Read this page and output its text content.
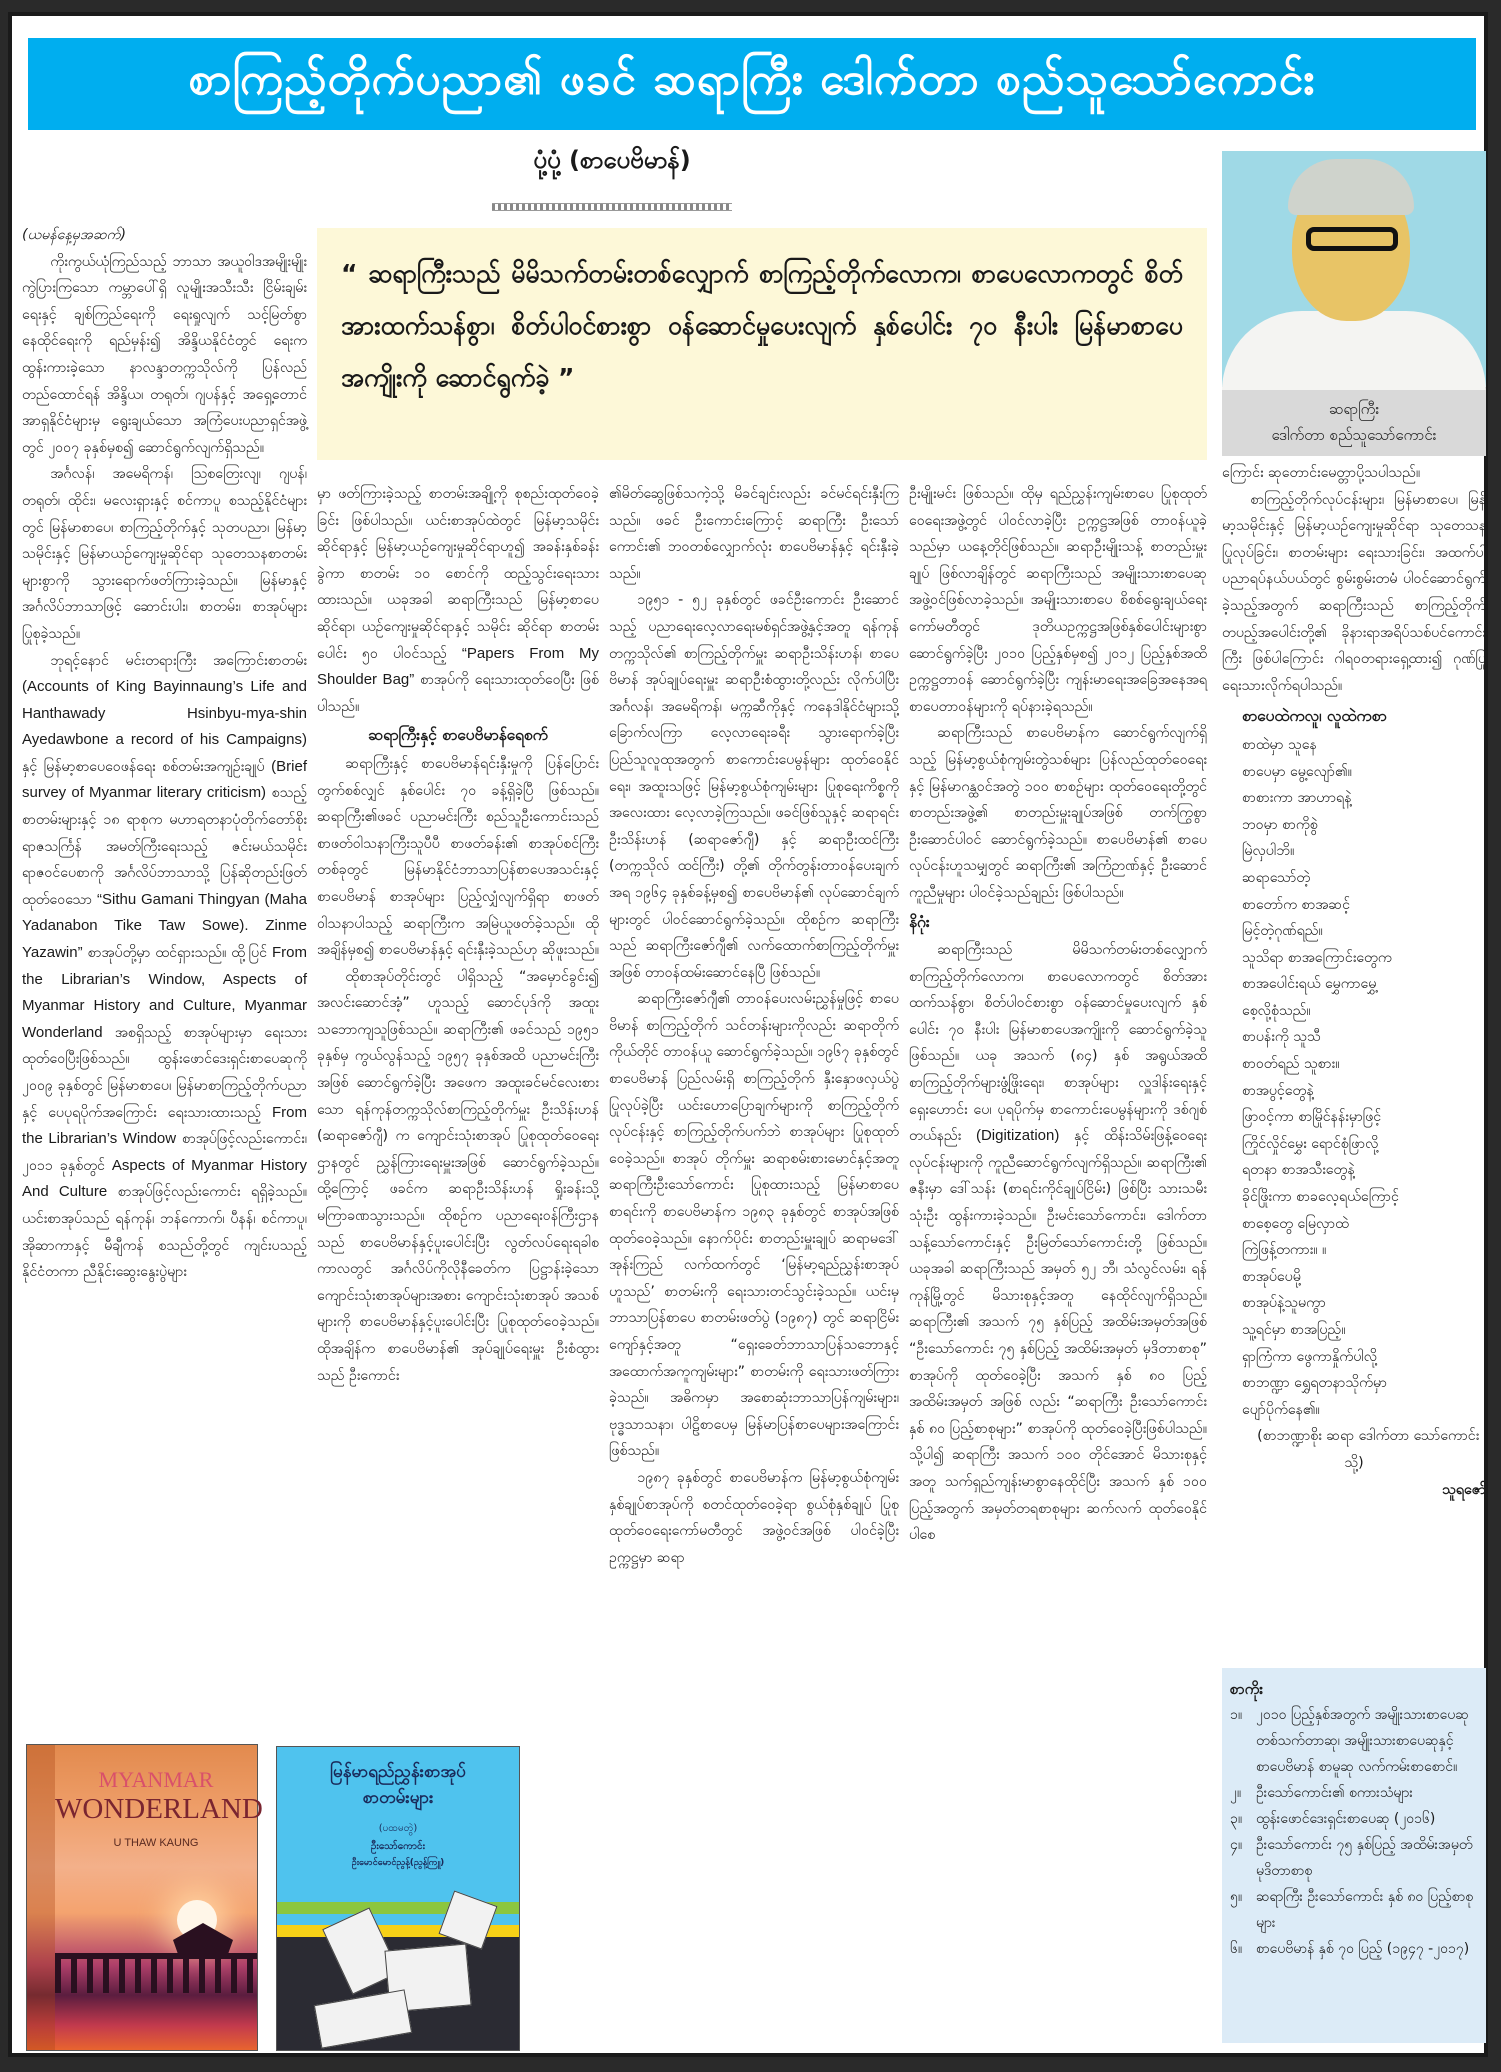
စာကြည့်တိုက်ပညာ၏ ဖခင် ဆရာကြီး ဒေါက်တာ စည်သူသော်ကောင်း
ပုံ့ပုံ့ (စာပေဗိမာန်)
“ ဆရာကြီးသည် မိမိသက်တမ်းတစ်လျှောက် စာကြည့်တိုက်လောက၊ စာပေလောကတွင် စိတ်အားထက်သန်စွာ၊ စိတ်ပါဝင်စားစွာ ဝန်ဆောင်မှုပေးလျက် နှစ်ပေါင်း ၇၀ နီးပါး မြန်မာစာပေအကျိုးကို ဆောင်ရွက်ခဲ့ ”
ဆရာကြီး
ဒေါက်တာ စည်သူသော်ကောင်း

(ယမန်နေ့မှအဆက်)

ကိုးကွယ်ယုံကြည်သည့် ဘာသာ အယူဝါဒအမျိုးမျိုး ကွဲပြားကြသော ကမ္ဘာပေါ်ရှိ လူမျိုးအသီးသီး ငြိမ်းချမ်းရေးနှင့် ချစ်ကြည်ရေးကို ရေးရှုလျက် သင့်မြတ်စွာ နေထိုင်ရေးကို ရည်မှန်း၍ အိန္ဒိယနိုင်ငံတွင် ရေးက ထွန်းကားခဲ့သော နာလန္ဒာတက္ကသိုလ်ကို ပြန်လည်တည်ထောင်ရန် အိန္ဒိယ၊ တရုတ်၊ ဂျပန်နှင့် အရှေ့တောင်အာရှနိုင်ငံများမှ ရွေးချယ်သော အကြံပေးပညာရှင်အဖွဲ့တွင် ၂၀၀၇ ခုနှစ်မှစ၍ ဆောင်ရွက်လျက်ရှိသည်။

အင်္ဂလန်၊ အမေရိကန်၊ သြစတြေးလျ၊ ဂျပန်၊ တရုတ်၊ ထိုင်း၊ မလေးရှားနှင့် စင်ကာပူ စသည့်နိုင်ငံများတွင် မြန်မာစာပေ၊ စာကြည့်တိုက်နှင့် သုတပညာ၊ မြန်မာ့သမိုင်းနှင့် မြန်မာယဉ်ကျေးမှုဆိုင်ရာ သုတေသနစာတမ်းများစွာကို သွားရောက်ဖတ်ကြားခဲ့သည်။ မြန်မာနှင့် အင်္ဂလိပ်ဘာသာဖြင့် ဆောင်းပါး၊ စာတမ်း၊ စာအုပ်များ ပြုစုခဲ့သည်။

ဘုရင့်နောင် မင်းတရားကြီး အကြောင်းစာတမ်း (Accounts of King Bayinnaung’s Life and Hanthawady Hsinbyu-mya-shin Ayedawbone a record of his Campaigns) နှင့် မြန်မာ့စာပေဝေဖန်ရေး စစ်တမ်းအကျဉ်းချုပ် (Brief survey of Myanmar literary criticism) စသည့် စာတမ်းများနှင့် ၁၈ ရာစုက မဟာရတနာပုံတိုက်တော်စိုး ရာဇသင်္ကြန် အမတ်ကြီးရေးသည့် ဇင်းမယ်သမိုင်း ရာဇဝင်ပေစာကို အင်္ဂလိပ်ဘာသာသို့ ပြန်ဆိုတည်းဖြတ် ထုတ်ဝေသော “Sithu Gamani Thingyan (Maha Yadanabon Tike Taw Sowe). Zinme Yazawin” စာအုပ်တို့မှာ ထင်ရှားသည်။ ထို့ပြင် From the Librarian’s Window, Aspects of Myanmar History and Culture, Myanmar Wonderland အစရှိသည့် စာအုပ်များမှာ ရေးသားထုတ်ဝေပြီးဖြစ်သည်။ ထွန်းဖောင်ဒေးရှင်းစာပေဆုကို ၂၀၀၉ ခုနှစ်တွင် မြန်မာစာပေ၊ မြန်မာစာကြည့်တိုက်ပညာနှင့် ပေပုရပိုက်အကြောင်း ရေးသားထားသည့် From the Librarian’s Window စာအုပ်ဖြင့်လည်းကောင်း၊ ၂၀၁၁ ခုနှစ်တွင် Aspects of Myanmar History And Culture စာအုပ်ဖြင့်လည်းကောင်း ရရှိခဲ့သည်။ ယင်းစာအုပ်သည် ရန်ကုန်၊ ဘန်ကောက်၊ ပီနန်၊ စင်ကာပူ၊ အိုဆာကာနှင့် မီချီကန် စသည်တို့တွင် ကျင်းပသည့် နိုင်ငံတကာ ညီနိုင်းဆွေးနွေးပွဲများ

မှာ ဖတ်ကြားခဲ့သည့် စာတမ်းအချို့ကို စုစည်းထုတ်ဝေခဲ့ခြင်း ဖြစ်ပါသည်။ ယင်းစာအုပ်ထဲတွင် မြန်မာ့သမိုင်းဆိုင်ရာနှင့် မြန်မာ့ယဉ်ကျေးမှုဆိုင်ရာဟူ၍ အခန်းနှစ်ခန်းခွဲကာ စာတမ်း ၁၀ စောင်ကို ထည့်သွင်းရေးသားထားသည်။ ယခုအခါ ဆရာကြီးသည် မြန်မာ့စာပေ ဆိုင်ရာ၊ ယဉ်ကျေးမှုဆိုင်ရာနှင့် သမိုင်း ဆိုင်ရာ စာတမ်းပေါင်း ၅၀ ပါဝင်သည့် “Papers From My Shoulder Bag” စာအုပ်ကို ရေးသားထုတ်ဝေပြီး ဖြစ်ပါသည်။

ဆရာကြီးနှင့် စာပေဗိမာန်ရေစက်

ဆရာကြီးနှင့် စာပေဗိမာန်ရင်းနှီးမှုကို ပြန်ပြောင်းတွက်စစ်လျှင် နှစ်ပေါင်း ၇၀ ခန့်ရှိခဲ့ပြီ ဖြစ်သည်။ ဆရာကြီး၏ဖခင် ပညာမင်းကြီး စည်သူဦးကောင်းသည် စာဖတ်ဝါသနာကြီးသူပီပီ စာဖတ်ခန်း၏ စာအုပ်စင်ကြီးတစ်ခုတွင် မြန်မာနိုင်ငံဘာသာပြန်စာပေအသင်းနှင့် စာပေဗိမာန် စာအုပ်များ ပြည့်လျှံလျက်ရှိရာ စာဖတ်ဝါသနာပါသည့် ဆရာကြီးက အမြဲယူဖတ်ခဲ့သည်။ ထိုအချိန်မှစ၍ စာပေဗိမာန်နှင့် ရင်းနှီးခဲ့သည်ဟု ဆိုဖူးသည်။

ထိုစာအုပ်တိုင်းတွင် ပါရှိသည့် “အမှောင်ခွင်း၍ အလင်းဆောင်အံ့” ဟူသည့် ဆောင်ပုဒ်ကို အထူးသဘောကျသူဖြစ်သည်။ ဆရာကြီး၏ ဖခင်သည် ၁၉၅၁ ခုနှစ်မှ ကွယ်လွန်သည့် ၁၉၅၇ ခုနှစ်အထိ ပညာမင်းကြီးအဖြစ် ဆောင်ရွက်ခဲ့ပြီး အဖေက အထူးခင်မင်လေးစားသော ရန်ကုန်တက္ကသိုလ်စာကြည့်တိုက်မှူး ဦးသိန်းဟန် (ဆရာဇော်ဂျီ) က ကျောင်းသုံးစာအုပ် ပြုစုထုတ်ဝေရေးဌာနတွင် ညွှန်ကြားရေးမှူးအဖြစ် ဆောင်ရွက်ခဲ့သည်။ ထို့ကြောင့် ဖခင်က ဆရာဦးသိန်းဟန် ရှိုးခန်းသို့ မကြာခဏသွားသည်။ ထိုစဉ်က ပညာရေးဝန်ကြီးဌာနသည် စာပေဗိမာန်နှင့်ပူးပေါင်းပြီး လွတ်လပ်ရေးရခါစ ကာလတွင် အင်္ဂလိပ်ကိုလိုနီခေတ်က ပြဋ္ဌာန်းခဲ့သော ကျောင်းသုံးစာအုပ်များအစား ကျောင်းသုံးစာအုပ် အသစ်များကို စာပေဗိမာန်နှင့်ပူးပေါင်းပြီး ပြုစုထုတ်ဝေခဲ့သည်။ ထိုအချိန်က စာပေဗိမာန်၏ အုပ်ချုပ်ရေးမှူး ဦးစံထွားသည် ဦးကောင်း

၏မိတ်ဆွေဖြစ်သကဲ့သို့ မိခင်ချင်းလည်း ခင်မင်ရင်းနှီးကြသည်။ ဖခင် ဦးကောင်းကြောင့် ဆရာကြီး ဦးသော်ကောင်း၏ ဘဝတစ်လျှောက်လုံး စာပေဗိမာန်နှင့် ရင်းနှီးခဲ့သည်။

၁၉၅၁ - ၅၂ ခုနှစ်တွင် ဖခင်ဦးကောင်း ဦးဆောင်သည့် ပညာရေးလေ့လာရေးမစ်ရှင်အဖွဲ့နှင့်အတူ ရန်ကုန်တက္ကသိုလ်၏ စာကြည့်တိုက်မှူး ဆရာဦးသိန်းဟန်၊ စာပေဗိမာန် အုပ်ချုပ်ရေးမှူး ဆရာဦးစံထွားတို့လည်း လိုက်ပါပြီး အင်္ဂလန်၊ အမေရိကန်၊ မက္ကဆီကိုနှင့် ကနေဒါနိုင်ငံများသို့ ခြောက်လကြာ လေ့လာရေးခရီး သွားရောက်ခဲ့ပြီး ပြည်သူလူထုအတွက် စာကောင်းပေမွန်များ ထုတ်ဝေနိုင်ရေး၊ အထူးသဖြင့် မြန်မာ့စွယ်စုံကျမ်းများ ပြုစုရေးကိစ္စကို အလေးထား လေ့လာခဲ့ကြသည်။ ဖခင်ဖြစ်သူနှင့် ဆရာရင်း ဦးသိန်းဟန် (ဆရာဇော်ဂျီ) နှင့် ဆရာဦးထင်ကြီး (တက္ကသိုလ် ထင်ကြီး) တို့၏ တိုက်တွန်းတာဝန်ပေးချက်အရ ၁၉၆၄ ခုနှစ်ခန့်မှစ၍ စာပေဗိမာန်၏ လုပ်ဆောင်ချက်များတွင် ပါဝင်ဆောင်ရွက်ခဲ့သည်။ ထိုစဉ်က ဆရာကြီးသည် ဆရာကြီးဇော်ဂျီ၏ လက်ထောက်စာကြည့်တိုက်မှူးအဖြစ် တာဝန်ထမ်းဆောင်နေပြီ ဖြစ်သည်။

ဆရာကြီးဇော်ဂျီ၏ တာဝန်ပေးလမ်းညွှန်မှုဖြင့် စာပေဗိမာန် စာကြည့်တိုက် သင်တန်းများကိုလည်း ဆရာတိုက်ကိုယ်တိုင် တာဝန်ယူ ဆောင်ရွက်ခဲ့သည်။ ၁၉၆၇ ခုနှစ်တွင် စာပေဗိမာန် ပြည်လမ်းရှိ စာကြည့်တိုက် နှီးနှောဖလှယ်ပွဲ ပြုလုပ်ခဲ့ပြီး ယင်းဟောပြောချက်များကို စာကြည့်တိုက်လုပ်ငန်းနှင့် စာကြည့်တိုက်ပက်ဘဲ စာအုပ်များ ပြုစုထုတ်ဝေခဲ့သည်။ စာအုပ် တိုက်မှူး ဆရာစမ်းစားမောင်နှင့်အတူ ဆရာကြီးဦးသော်ကောင်း ပြုစုထားသည့် မြန်မာစာပေစာရင်းကို စာပေဗိမာန်က ၁၉၈၃ ခုနှစ်တွင် စာအုပ်အဖြစ် ထုတ်ဝေခဲ့သည်။ နောက်ပိုင်း စာတည်းမှူးချုပ် ဆရာမဒေါ်အုန်းကြည် လက်ထက်တွင် ‘မြန်မာ့ရည်ညွှန်းစာအုပ်ဟူသည်’ စာတမ်းကို ရေးသားတင်သွင်းခဲ့သည်။ ယင်းမှ ဘာသာပြန်စာပေ စာတမ်းဖတ်ပွဲ (၁၉၈၇) တွင် ဆရာငြိမ်းကျော်နှင့်အတူ “ရှေးခေတ်ဘာသာပြန်သဘောနှင့် အထောက်အကူကျမ်းများ” စာတမ်းကို ရေးသားဖတ်ကြားခဲ့သည်။ အဓိကမှာ အစောဆုံးဘာသာပြန်ကျမ်းများ၊ ဗုဒ္ဓသာသနာ၊ ပါဠိစာပေမှ မြန်မာပြန်စာပေများအကြောင်း ဖြစ်သည်။

၁၉၈၇ ခုနှစ်တွင် စာပေဗိမာန်က မြန်မာ့စွယ်စုံကျမ်း နှစ်ချုပ်စာအုပ်ကို စတင်ထုတ်ဝေခဲ့ရာ စွယ်စုံနှစ်ချုပ် ပြုစုထုတ်ဝေရေးကော်မတီတွင် အဖွဲ့ဝင်အဖြစ် ပါဝင်ခဲ့ပြီး ဥက္ကဋ္ဌမှာ ဆရာ

ဦးမျိုးမင်း ဖြစ်သည်။ ထိုမှ ရည်ညွှန်းကျမ်းစာပေ ပြုစုထုတ်ဝေရေးအဖွဲ့တွင် ပါဝင်လာခဲ့ပြီး ဥက္ကဋ္ဌအဖြစ် တာဝန်ယူခဲ့သည်မှာ ယနေ့တိုင်ဖြစ်သည်။ ဆရာဦးမျိုးသန့် စာတည်းမှူးချုပ် ဖြစ်လာချိန်တွင် ဆရာကြီးသည် အမျိုးသားစာပေဆုအဖွဲ့ဝင်ဖြစ်လာခဲ့သည်။ အမျိုးသားစာပေ စိစစ်ရွေးချယ်ရေးကော်မတီတွင် ဒုတိယဥက္ကဋ္ဌအဖြစ်နှစ်ပေါင်းများစွာ ဆောင်ရွက်ခဲ့ပြီး ၂၀၁၀ ပြည့်နှစ်မှစ၍ ၂၀၁၂ ပြည့်နှစ်အထိ ဥက္ကဋ္ဌတာဝန် ဆောင်ရွက်ခဲ့ပြီး ကျန်းမာရေးအခြေအနေအရ စာပေတာဝန်များကို ရပ်နားခဲ့ရသည်။

ဆရာကြီးသည် စာပေဗိမာန်က ဆောင်ရွက်လျက်ရှိသည့် မြန်မာ့စွယ်စုံကျမ်းတွဲသစ်များ ပြန်လည်ထုတ်ဝေရေးနှင့် မြန်မာဂန္ထဝင်အတွဲ ၁၀၀ စာစဉ်များ ထုတ်ဝေရေးတို့တွင် စာတည်းအဖွဲ့၏ စာတည်းမှူးချုပ်အဖြစ် တက်ကြွစွာ ဦးဆောင်ပါဝင် ဆောင်ရွက်ခဲ့သည်။ စာပေဗိမာန်၏ စာပေလုပ်ငန်းဟူသမျှတွင် ဆရာကြီး၏ အကြံဉာဏ်နှင့် ဦးဆောင်ကူညီမှုများ ပါဝင်ခဲ့သည်ချည်း ဖြစ်ပါသည်။

နိဂုံး

ဆရာကြီးသည် မိမိသက်တမ်းတစ်လျှောက် စာကြည့်တိုက်လောက၊ စာပေလောကတွင် စိတ်အားထက်သန်စွာ၊ စိတ်ပါဝင်စားစွာ ဝန်ဆောင်မှုပေးလျက် နှစ်ပေါင်း ၇၀ နီးပါး မြန်မာစာပေအကျိုးကို ဆောင်ရွက်ခဲ့သူဖြစ်သည်။ ယခု အသက် (၈၄) နှစ် အရွယ်အထိ စာကြည့်တိုက်များဖွံ့ဖြိုးရေး၊ စာအုပ်များ လှူဒါန်းရေးနှင့် ရှေးဟောင်း ပေ၊ ပုရပိုက်မှ စာကောင်းပေမွန်များကို ဒစ်ဂျစ်တယ်နည်း (Digitization) နှင့် ထိန်းသိမ်းဖြန့်ဝေရေးလုပ်ငန်းများကို ကူညီဆောင်ရွက်လျက်ရှိသည်။ ဆရာကြီး၏ ဇနီးမှာ ဒေါ်သန်း (စာရင်းကိုင်ချုပ်ငြိမ်း) ဖြစ်ပြီး သားသမီး သုံးဦး ထွန်းကားခဲ့သည်။ ဦးမင်းသော်ကောင်း၊ ဒေါက်တာသန့်သော်ကောင်းနှင့် ဦးမြတ်သော်ကောင်းတို့ ဖြစ်သည်။ ယခုအခါ ဆရာကြီးသည် အမှတ် ၅၂ ဘီ၊ သံလွင်လမ်း၊ ရန်ကုန်မြို့တွင် မိသားစုနှင့်အတူ နေထိုင်လျက်ရှိသည်။ ဆရာကြီး၏ အသက် ၇၅ နှစ်ပြည့် အထိမ်းအမှတ်အဖြစ် “ဦးသော်ကောင်း ၇၅ နှစ်ပြည့် အထိမ်းအမှတ် မှဒိတာစာစု” စာအုပ်ကို ထုတ်ဝေခဲ့ပြီး အသက် နှစ် ၈၀ ပြည့်အထိမ်းအမှတ် အဖြစ် လည်း “ဆရာကြီး ဦးသော်ကောင်း နှစ် ၈၀ ပြည့်စာစုများ” စာအုပ်ကို ထုတ်ဝေခဲ့ပြီးဖြစ်ပါသည်။ သို့ပါ၍ ဆရာကြီး အသက် ၁၀၀ တိုင်အောင် မိသားစုနှင့်အတူ သက်ရှည်ကျန်းမာစွာနေထိုင်ပြီး အသက် နှစ် ၁၀၀ ပြည့်အတွက် အမှတ်တရစာစုများ ဆက်လက် ထုတ်ဝေနိုင်ပါစေ

ကြောင်း ဆုတောင်းမေတ္တာပို့သပါသည်။

စာကြည့်တိုက်လုပ်ငန်းများ၊ မြန်မာစာပေ၊ မြန်မာ့သမိုင်းနှင့် မြန်မာ့ယဉ်ကျေးမှုဆိုင်ရာ သုတေသနပြုလုပ်ခြင်း၊ စာတမ်းများ ရေးသားခြင်း၊ အထက်ပါ ပညာရပ်နယ်ပယ်တွင် စွမ်းစွမ်းတမံ ပါဝင်ဆောင်ရွက်ခဲ့သည့်အတွက် ဆရာကြီးသည် စာကြည့်တိုက်တပည့်အပေါင်းတို့၏ ခိုနားရာအရိပ်သစ်ပင်ကောင်းကြီး ဖြစ်ပါကြောင်း ဂါရဝတရားရှေ့ထား၍ ဂုဏ်ပြုရေးသားလိုက်ရပါသည်။

စာပေထဲကလူ၊ လူထဲကစာ
စာထဲမှာ သူနေ
စာပေမှာ မွေ့လျော်၏။
စာစားကာ အာဟာရနဲ့
ဘဝမှာ စာကိုစွဲ
မြဲလှပါဘိ။
ဆရာသော်တဲ့
စာတော်က စာအဆင့်
မြင့်တဲ့ဂုဏ်ရည်။
သူသိရာ စာအကြောင်းတွေက
စာအပေါင်းရယ် မွှေကာမွှေ့
စေ့လို့စုံသည်။
စာပန်းကို သူသီ
စာဝတ်ရည် သူစား။
စာအပွင့်တွေနဲ့
ဖြာဝင့်ကာ စာမြိုင်နန်းမှာဖြင့်
ကြိုင်လှိုင်မွှေး ရောင်စုံဖြာလို့
ရတနာ စာအသီးတွေနဲ့
ခိုင်ဖြိုးကာ စာခလေ့ရယ်ကြောင့်
စာစေ့တွေ မြေလှာထဲ
ကြဲဖြန့်တကား။ ။
စာအုပ်ပေမို့
စာအုပ်နဲ့သူမကွာ
သူ့ရင်မှာ စာအပြည့်။
ရှာကြံကာ ဖွေကာနှိုက်ပါလို့
စာဘဏ္ဍာ ရွှေရတနာသိုက်မှာ
ပျော်ပိုက်နေ၏။

(စာဘဏ္ဍာစိုး ဆရာ ဒေါက်တာ သော်ကောင်းသို့)

သူရဇော်

စာကိုး
၁။ ၂၀၁၀ ပြည့်နှစ်အတွက် အမျိုးသားစာပေဆု တစ်သက်တာဆု၊ အမျိုးသားစာပေဆုနှင့်စာပေဗိမာန် စာမူဆု လက်ကမ်းစာစောင်။
၂။	ဦးသော်ကောင်း၏ စကားသံများ
၃။ ထွန်းဖောင်ဒေးရှင်းစာပေဆု (၂၀၁၆)
၄။ ဦးသော်ကောင်း ၇၅ နှစ်ပြည့် အထိမ်းအမှတ် မုဒိတာစာစု
၅။ ဆရာကြီး ဦးသော်ကောင်း နှစ် ၈၀ ပြည့်စာစုများ
၆။ စာပေဗိမာန် နှစ် ၇၀ ပြည့် (၁၉၄၇ -၂၀၁၇)
MYANMAR
WONDERLAND
U THAW KAUNG
မြန်မာရည်ညွှန်းစာအုပ်
စာတမ်းများ
(ပထမတွဲ)
ဦးသော်ကောင်း
ဦးမောင်မောင်ညွန့်(ညွန့်ကြူ)
